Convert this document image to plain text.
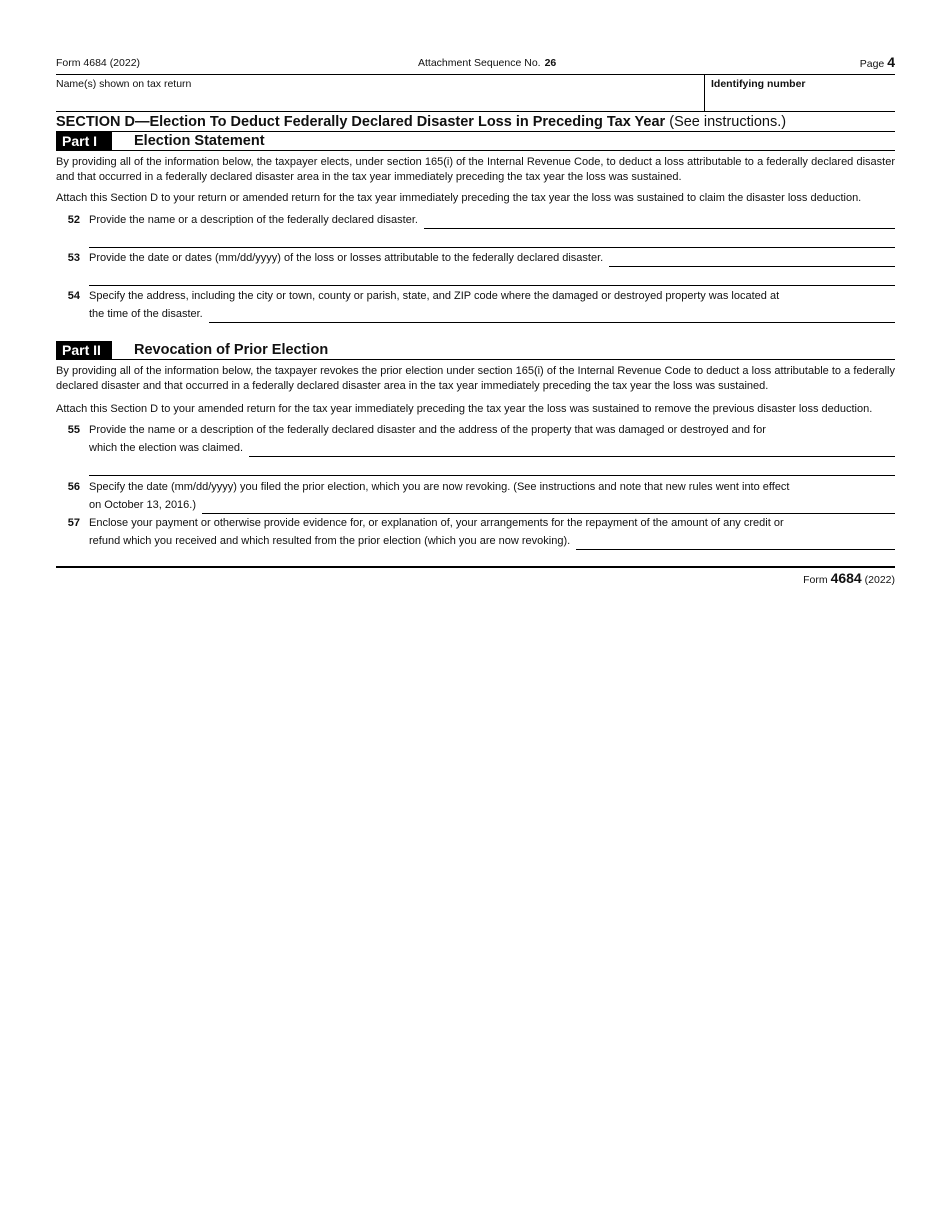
Form 4684 (2022)	Attachment Sequence No. 26	Page 4
Name(s) shown on tax return	Identifying number
SECTION D—Election To Deduct Federally Declared Disaster Loss in Preceding Tax Year (See instructions.)
Part I	Election Statement

By providing all of the information below, the taxpayer elects, under section 165(i) of the Internal Revenue Code, to deduct a loss attributable to a federally declared disaster and that occurred in a federally declared disaster area in the tax year immediately preceding the tax year the loss was sustained.

Attach this Section D to your return or amended return for the tax year immediately preceding the tax year the loss was sustained to claim the disaster loss deduction.

52 Provide the name or a description of the federally declared disaster.
53 Provide the date or dates (mm/dd/yyyy) of the loss or losses attributable to the federally declared disaster.
54 Specify the address, including the city or town, county or parish, state, and ZIP code where the damaged or destroyed property was located at
the time of the disaster.
Part II	Revocation of Prior Election

By providing all of the information below, the taxpayer revokes the prior election under section 165(i) of the Internal Revenue Code to deduct a loss attributable to a federally declared disaster and that occurred in a federally declared disaster area in the tax year immediately preceding the tax year the loss was sustained.

Attach this Section D to your amended return for the tax year immediately preceding the tax year the loss was sustained to remove the previous disaster loss deduction.

55 Provide the name or a description of the federally declared disaster and the address of the property that was damaged or destroyed and for
which the election was claimed.
56 Specify the date (mm/dd/yyyy) you filed the prior election, which you are now revoking. (See instructions and note that new rules went into effect
on October 13, 2016.)
57 Enclose your payment or otherwise provide evidence for, or explanation of, your arrangements for the repayment of the amount of any credit or
refund which you received and which resulted from the prior election (which you are now revoking).
Form 4684 (2022)
